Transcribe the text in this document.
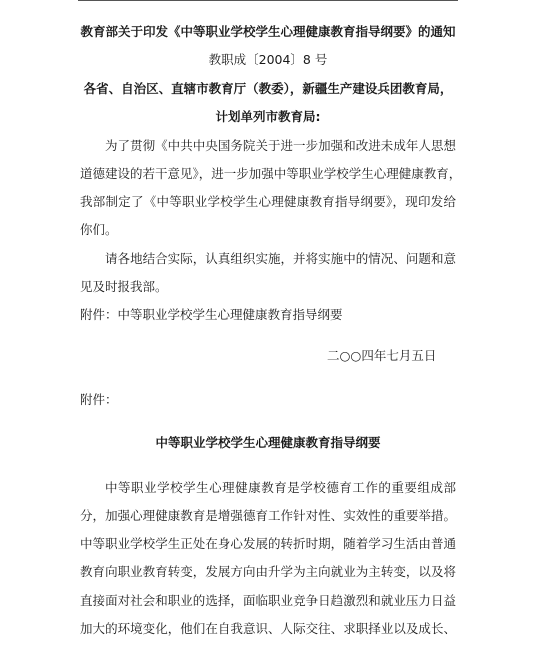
教育部关于印发《中等职业学校学生心理健康教育指导纲要》的通知
教职成〔2004〕8 号
各省、自治区、直辖市教育厅（教委），新疆生产建设兵团教育局，
计划单列市教育局:
为了贯彻《中共中央国务院关于进一步加强和改进未成年人思想
道德建设的若干意见》，进一步加强中等职业学校学生心理健康教育，
我部制定了《中等职业学校学生心理健康教育指导纲要》，现印发给
你们。
请各地结合实际，认真组织实施，并将实施中的情况、问题和意
见及时报我部。
附件：中等职业学校学生心理健康教育指导纲要
二○○四年七月五日
附件：
中等职业学校学生心理健康教育指导纲要
中等职业学校学生心理健康教育是学校德育工作的重要组成部
分，加强心理健康教育是增强德育工作针对性、实效性的重要举措。
中等职业学校学生正处在身心发展的转折时期，随着学习生活由普通
教育向职业教育转变，发展方向由升学为主向就业为主转变，以及将
直接面对社会和职业的选择，面临职业竞争日趋激烈和就业压力日益
加大的环境变化，他们在自我意识、人际交往、求职择业以及成长、
